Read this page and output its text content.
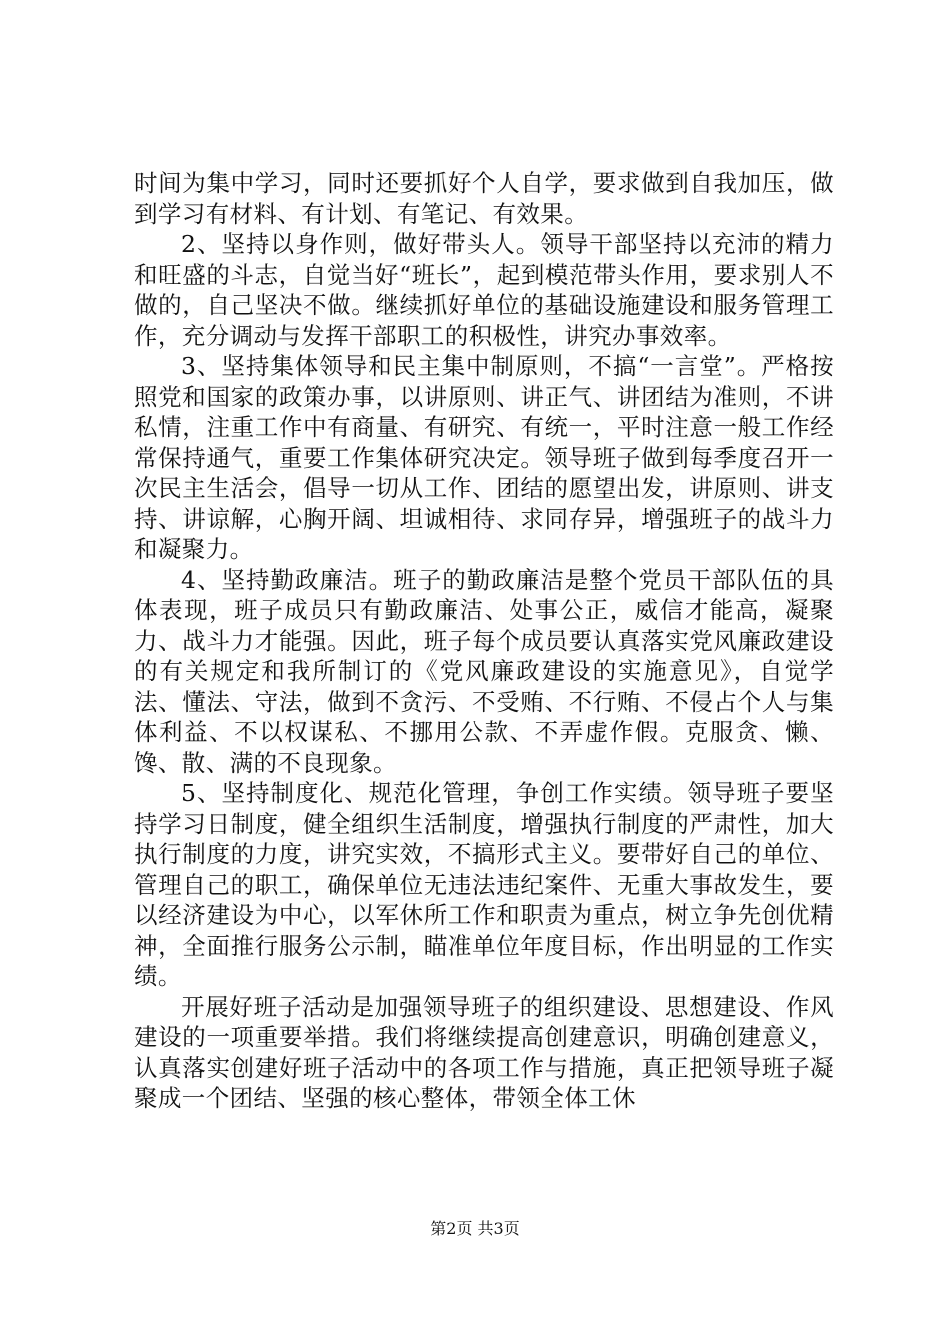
时间为集中学习，同时还要抓好个人自学，要求做到自我加压，做到学习有材料、有计划、有笔记、有效果。

2、坚持以身作则，做好带头人。领导干部坚持以充沛的精力和旺盛的斗志，自觉当好“班长”，起到模范带头作用，要求别人不做的，自己坚决不做。继续抓好单位的基础设施建设和服务管理工作，充分调动与发挥干部职工的积极性，讲究办事效率。

3、坚持集体领导和民主集中制原则，不搞“一言堂”。严格按照党和国家的政策办事，以讲原则、讲正气、讲团结为准则，不讲私情，注重工作中有商量、有研究、有统一，平时注意一般工作经常保持通气，重要工作集体研究决定。领导班子做到每季度召开一次民主生活会，倡导一切从工作、团结的愿望出发，讲原则、讲支持、讲谅解，心胸开阔、坦诚相待、求同存异，增强班子的战斗力和凝聚力。

4、坚持勤政廉洁。班子的勤政廉洁是整个党员干部队伍的具体表现，班子成员只有勤政廉洁、处事公正，威信才能高，凝聚力、战斗力才能强。因此，班子每个成员要认真落实党风廉政建设的有关规定和我所制订的《党风廉政建设的实施意见》，自觉学法、懂法、守法，做到不贪污、不受贿、不行贿、不侵占个人与集体利益、不以权谋私、不挪用公款、不弄虚作假。克服贪、懒、馋、散、满的不良现象。

5、坚持制度化、规范化管理，争创工作实绩。领导班子要坚持学习日制度，健全组织生活制度，增强执行制度的严肃性，加大执行制度的力度，讲究实效，不搞形式主义。要带好自己的单位、管理自己的职工，确保单位无违法违纪案件、无重大事故发生，要以经济建设为中心，以军休所工作和职责为重点，树立争先创优精神，全面推行服务公示制，瞄准单位年度目标，作出明显的工作实绩。

开展好班子活动是加强领导班子的组织建设、思想建设、作风建设的一项重要举措。我们将继续提高创建意识，明确创建意义，认真落实创建好班子活动中的各项工作与措施，真正把领导班子凝聚成一个团结、坚强的核心整体，带领全体工休

第2页 共3页
